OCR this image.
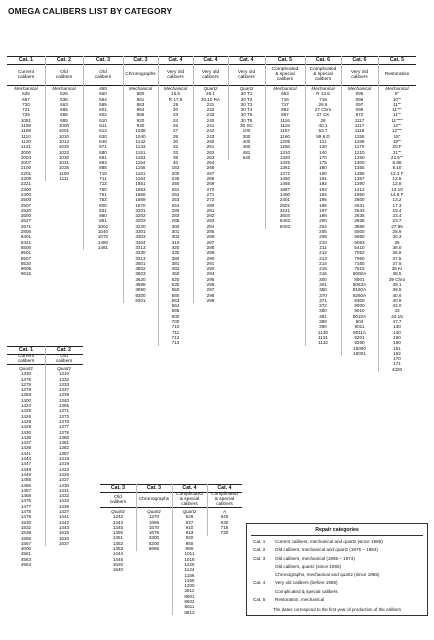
OMEGA CALIBERS LIST BY CATEGORY
Cat. 1
Current
calibers
Mechanical
625
657
720
721
725
1051
1108
1109
1110
1120
1121
2000
2004
2007
2100
2201
2209
2221
2300
2400
2500
2507
2520
2600
2627
2671
2806
8401
8421
8500
8501
8507
8520
8605
8615
Cat. 2
Old
calibers
Mechanical
626
636
663
665
666
685
1000
1001
1010
1012
1020
1022
1030
1031
1035
1100
1111
Cat. 3
Old
calibers
485
550
564
565
601
602
610
611
613
630
645
671
680
681
684
685
710
711
712
750
751
752
800
831
860
861
1002
1040
1070
1480
1481
Cat. 3
Chronographs
Mechanical
860
861
863
864
865
920
930
1038
1040
1142
1143
1151
1153
1154
1155
1161
1164
1861
1863
1866
1869
1870
3201
3202
3203
3220
3301
3303
3304
3313
3330
3313
3601
3602
3603
3620
3888
3890
9300
9301
Cat. 4
Very old
calibers
Mechanical
15.5
R 17.8
19
20
23
24
26
27
28
30
32
33
39
40
163
200
230
250
251
252
253
254
280
283
285
300
301
302
310
320
330
380
381
382
450
520
530
550
560
563
564
565
600
700
710
711
712
713
Cat. 4
Very old
calibers
Quartz
28.1
30.10 RA
231
232
233
240
241
242
243
260
261
262
263
264
266
267
268
269
270
271
272
280
281
282
283
284
285
286
287
288
289
290
291
292
294
295
296
297
298
299
Cat. 4
Very old
calibers
Quartz
30 T1
30 T2
30 T3
30 T4
30 T5
30 T6
30 SC
100
300
400
480
481
640
Cat. 5
Complicated
& special
calibers
Mechanical
653
716
717
862
867
1116
1118
1157
1160
1205
1250
1310
1320
1325
1361
1372
1450
1465
1867
1490
2401
2601
3221
3604
8402
8403
Cat. 6
Complicated
& special
calibers
Mechanical
R 13.6
716
26.6
27 Chro
27 CK
28
40.1
53.7
59.8 D
111
120
140
170
175
180
190
191
192
193
194
195
196
197
198
200
204
205
208
210
211
212
213
214
215
216
300
301
350
370
371
372
380
381
389
390
1130
1131
1132
Cat. 6
Very old
calibers
Mechanical
095
096
097
098
972
1117
1117
1118
1155
1159
1170
1210
1250
1300
1355
1356
1357
1390
1412
1950
2600
2631
2633
2635
2836
3889
5000
5060
5063
5410
7053
7060
7160
7515
8000A
8001
8063A
8160A
8260A
8300
9000
9010
9010A
904
9011
9011A
9201
9260
18000
18001
Cat. 5
Restoration
Mechanical
6"
10""
11""
11"""
11""
11""""
12""
12"""
18"
19""
20.F
21""
22.5""
6.88
8.10
12.3 F
12.5
12.8
13.10
14.8 F
13.2
17.3
19.4
23.4
23.7
27.96
28.9
30.3
35
36.0
36.6
37.5
37.6
38 Ki
38.5
39 Chro
39.1
39.5
40.6
40.6
42.0
43
43.15
47.7
130
140
150
160
161
162
170
171
4320
Cat. 1
Current
calibers
Quartz
1330
1376
1378
1379
1383
1400
1424
1425
1426
1428
1429
1430
1436
1437
1438
1441
1444
1447
1448
1449
1455
1456
1457
1458
1476
1477
1478
1479
1530
1532
1538
1565
1567
4000
4561
4563
4564
Cat. 2
Old
calibers
Quartz
1310
1332
1333
1337
1339
1340
1365
1371
1373
1375
1377
1378
1380
1381
1382
1387
1418
1419
1422
1426
1427
1430
1431
1432
1433
1436
1437
1441
1442
1443
1615
1620
1637
Cat. 3
Old
calibers
Quartz
1342
1343
1345
1350
1351
1352
1353
1444
1445
1620
1640
Cat. 3
Chronographs
Quartz
1270
1666
1670
1675
3300
5200
5666
Cat. 4
Complicated
& special
calibers
Quartz
626
627
910
913
920
950
990
1011
1016
1120
1124
1156
1160
1200
3612
8601
8602
8611
8612
Cat. 4
Complicated
& special
calibers
A
640
630
715
730	Repair categories
Cat. 1 Current calibers, mechanical and quartz (since 1985)
Cat. 2 Old calibers, mechanical and quartz (1975 – 1984)
Cat. 3 Old calibers, mechanical (1965 – 1974)
Old calibers, quartz (since 1965)
Chronographs, mechanical and quartz (since 1965)
Cat. 4 Very old calibers (before 1965)
Complicated & special calibers
Cat. 5 Restoration, mechanical
The dates correspond to the first year of production of the calibers
